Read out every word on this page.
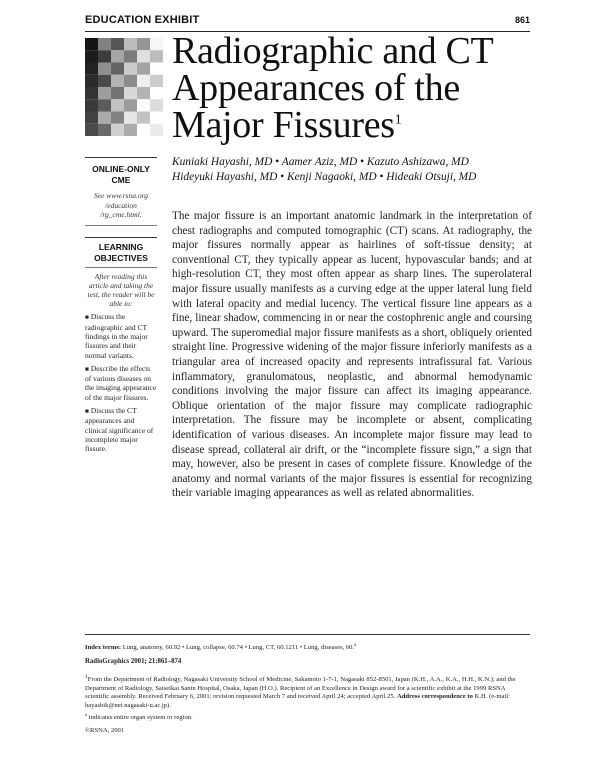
EDUCATION EXHIBIT	861
Radiographic and CT Appearances of the Major Fissures$^1$
Kuniaki Hayashi, MD • Aamer Aziz, MD • Kazuto Ashizawa, MD
Hideyuki Hayashi, MD • Kenji Nagaoki, MD • Hideaki Otsuji, MD
ONLINE-ONLY CME
See www.rsna.org /education /rg_cme.html.
LEARNING OBJECTIVES
After reading this article and taking the test, the reader will be able to:
■ Discuss the radiographic and CT findings in the major fissures and their normal variants.
■ Describe the effects of various diseases on the imaging appearance of the major fissures.
■ Discuss the CT appearances and clinical significance of incomplete major fissure.
The major fissure is an important anatomic landmark in the interpretation of chest radiographs and computed tomographic (CT) scans. At radiography, the major fissures normally appear as hairlines of soft-tissue density; at conventional CT, they typically appear as lucent, hypovascular bands; and at high-resolution CT, they most often appear as sharp lines. The superolateral major fissure usually manifests as a curving edge at the upper lateral lung field with lateral opacity and medial lucency. The vertical fissure line appears as a fine, linear shadow, commencing in or near the costophrenic angle and coursing upward. The superomedial major fissure manifests as a short, obliquely oriented straight line. Progressive widening of the major fissure inferiorly manifests as a triangular area of increased opacity and represents intrafissural fat. Various inflammatory, granulomatous, neoplastic, and abnormal hemodynamic conditions involving the major fissure can affect its imaging appearance. Oblique orientation of the major fissure may complicate radiographic interpretation. The fissure may be incomplete or absent, complicating identification of various diseases. An incomplete major fissure may lead to disease spread, collateral air drift, or the “incomplete fissure sign,” a sign that may, however, also be present in cases of complete fissure. Knowledge of the anatomy and normal variants of the major fissures is essential for recognizing their variable imaging appearances as well as related abnormalities.
Index terms: Lung, anatomy, 60.92 • Lung, collapse, 60.74 • Lung, CT, 60.1211 • Lung, diseases, 60.$^s$
RadioGraphics 2001; 21:861–874
$^1$From the Department of Radiology, Nagasaki University School of Medicine, Sakamoto 1-7-1, Nagasaki 852-8501, Japan (K.H., A.A., K.A., H.H., K.N.); and the Department of Radiology, Saiseikai Sanin Hospital, Osaka, Japan (H.O.). Recipient of an Excellence in Design award for a scientific exhibit at the 1999 RSNA scientific assembly. Received February 6, 2001; revision requested March 7 and received April 24; accepted April 25. Address correspondence to K.H. (e-mail: hayashik@net.nagasaki-u.ac.jp).
$^s$ indicates entire organ system or region.
©RSNA, 2001
